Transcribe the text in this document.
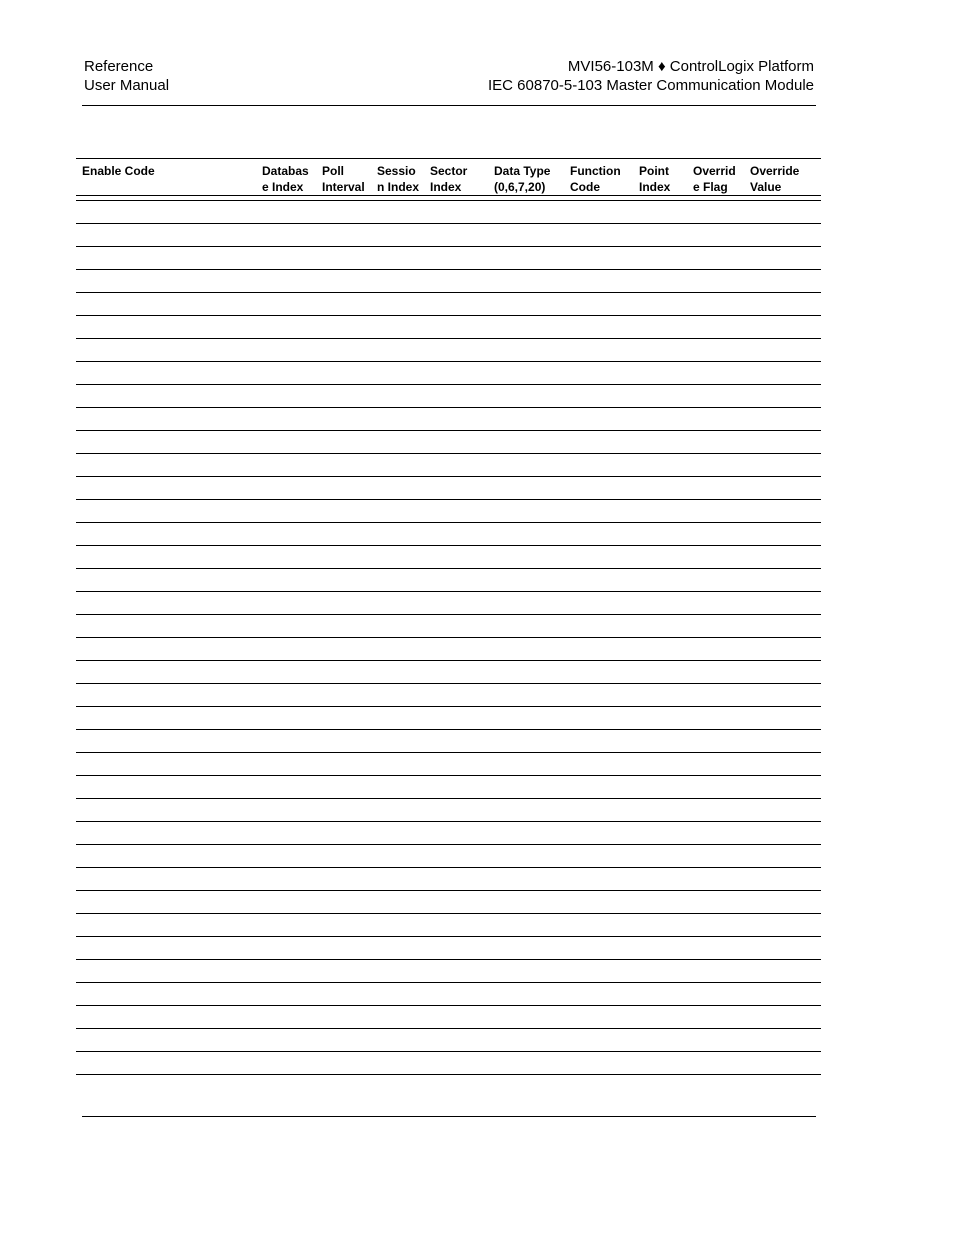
Reference
User Manual
MVI56-103M ♦ ControlLogix Platform
IEC 60870-5-103 Master Communication Module
Enable Code	Databas e Index	Poll Interval	Sessio n Index	Sector Index	Data Type (0,6,7,20)	Function Code	Point Index	Overrid e Flag	Override Value
